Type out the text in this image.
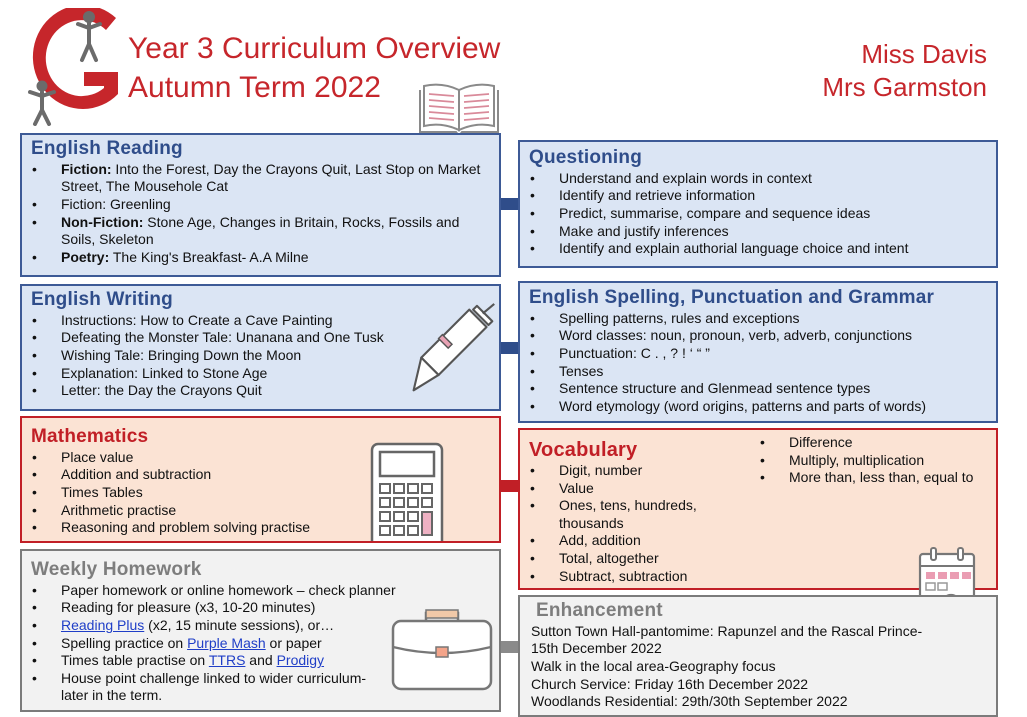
Year 3 Curriculum Overview
Autumn Term 2022
Miss Davis
Mrs Garmston
English Reading
• Fiction: Into the Forest, Day the Crayons Quit, Last Stop on Market Street, The Mousehole Cat
• Fiction: Greenling
• Non-Fiction: Stone Age, Changes in Britain, Rocks, Fossils and Soils, Skeleton
• Poetry: The King's Breakfast- A.A Milne
Questioning
• Understand and explain words in context
• Identify and retrieve information
• Predict, summarise, compare and sequence ideas
• Make and justify inferences
• Identify and explain authorial language choice and intent
English Writing
• Instructions: How to Create a Cave Painting
• Defeating the Monster Tale: Unanana and One Tusk
• Wishing Tale: Bringing Down the Moon
• Explanation: Linked to Stone Age
• Letter: the Day the Crayons Quit
English Spelling, Punctuation and Grammar
• Spelling patterns, rules and exceptions
• Word classes: noun, pronoun, verb, adverb, conjunctions
• Punctuation: C . , ? ! ‘ “ ”
• Tenses
• Sentence structure and Glenmead sentence types
• Word etymology (word origins, patterns and parts of words)
Mathematics
• Place value
• Addition and subtraction
• Times Tables
• Arithmetic practise
• Reasoning and problem solving practise
Vocabulary
• Digit, number
• Value
• Ones, tens, hundreds, thousands
• Add, addition
• Total, altogether
• Subtract, subtraction
• Difference
• Multiply, multiplication
• More than, less than, equal to
Weekly Homework
• Paper homework or online homework – check planner
• Reading for pleasure (x3, 10-20 minutes)
• Reading Plus (x2, 15 minute sessions), or…
• Spelling practice on Purple Mash or paper
• Times table practise on TTRS and Prodigy
• House point challenge linked to wider curriculum- later in the term.
Enhancement

Sutton Town Hall-pantomime: Rapunzel and the Rascal Prince- 15th December 2022

Walk in the local area-Geography focus

Church Service: Friday 16th December 2022

Woodlands Residential: 29th/30th September 2022
